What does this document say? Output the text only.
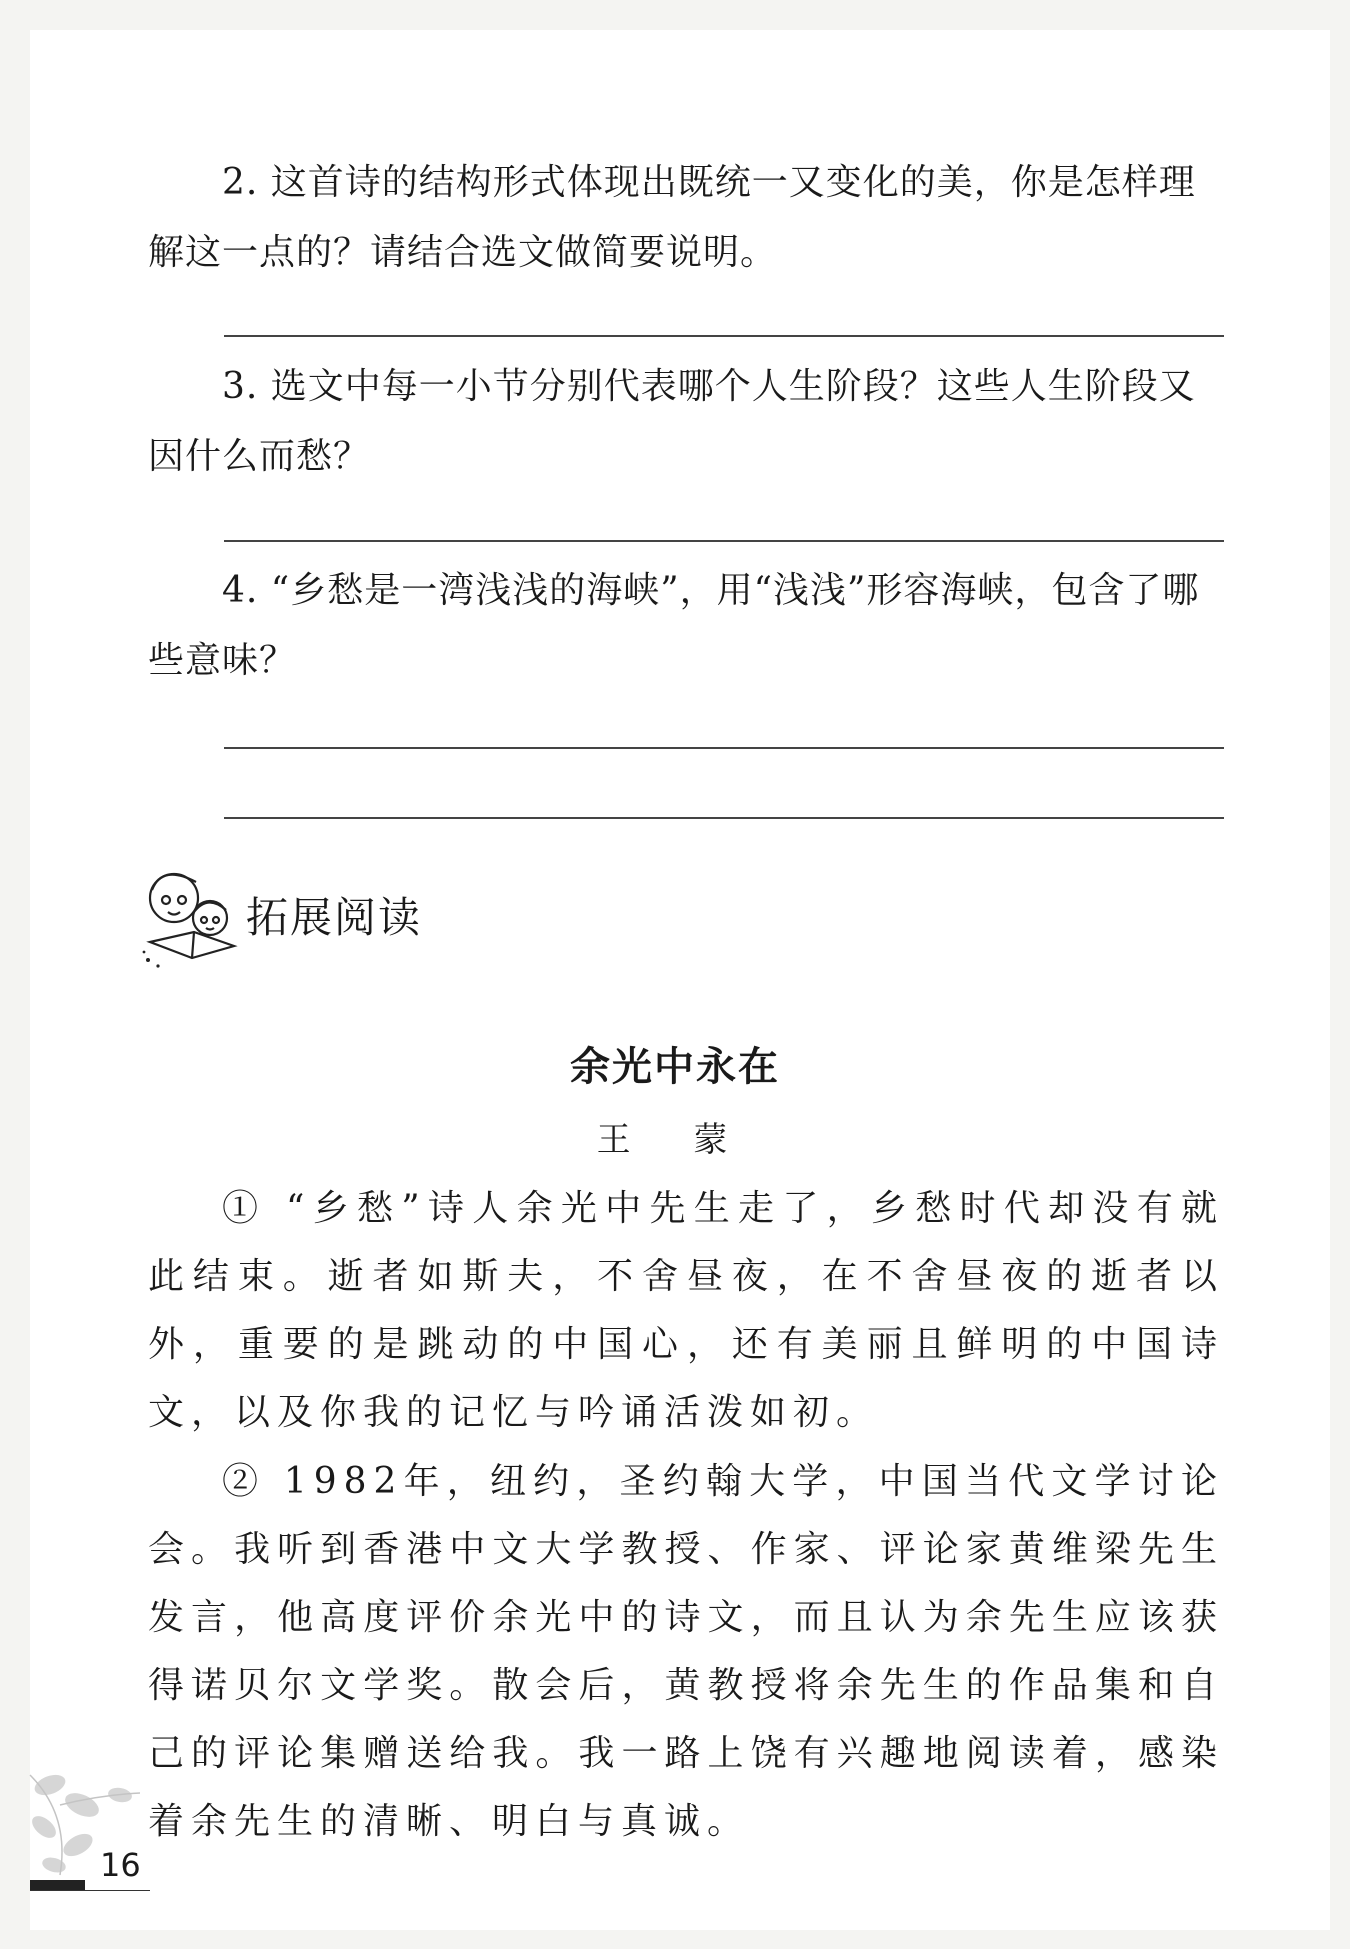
2. 这首诗的结构形式体现出既统一又变化的美，你是怎样理解这一点的？请结合选文做简要说明。
3. 选文中每一小节分别代表哪个人生阶段？这些人生阶段又因什么而愁？
4. “乡愁是一湾浅浅的海峡”，用“浅浅”形容海峡，包含了哪些意味？
拓展阅读
余光中永在
王 蒙
① “乡愁”诗人余光中先生走了，乡愁时代却没有就此结束。逝者如斯夫，不舍昼夜，在不舍昼夜的逝者以外，重要的是跳动的中国心，还有美丽且鲜明的中国诗文，以及你我的记忆与吟诵活泼如初。
② 1982年，纽约，圣约翰大学，中国当代文学讨论会。我听到香港中文大学教授、作家、评论家黄维梁先生发言，他高度评价余光中的诗文，而且认为余先生应该获得诺贝尔文学奖。散会后，黄教授将余先生的作品集和自己的评论集赠送给我。我一路上饶有兴趣地阅读着，感染着余先生的清晰、明白与真诚。
16
